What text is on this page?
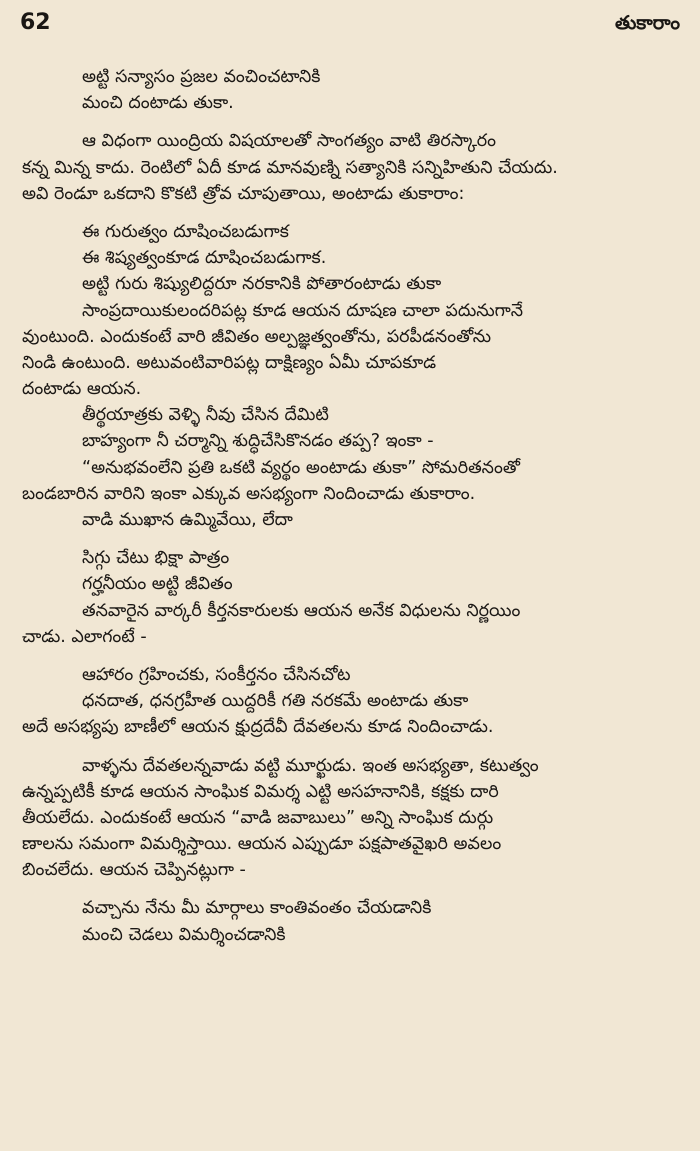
62	తుకారాం
అట్టి సన్యాసం ప్రజల వంచించటానికి
మంచి దంటాడు తుకా.
ఆ విధంగా యింద్రియ విషయాలతో సాంగత్యం వాటి తిరస్కారం
కన్న మిన్న కాదు. రెంటిలో ఏదీ కూడ మానవుణ్ని సత్యానికి సన్నిహితుని చేయదు.
అవి రెండూ ఒకదాని కొకటి త్రోవ చూపుతాయి, అంటాడు తుకారాం:
ఈ గురుత్వం దూషించబడుగాక
ఈ శిష్యత్వంకూడ దూషించబడుగాక.
అట్టి గురు శిష్యులిద్దరూ నరకానికి పోతారంటాడు తుకా
సాంప్రదాయికులందరిపట్ల కూడ ఆయన దూషణ చాలా పదునుగానే
వుంటుంది. ఎందుకంటే వారి జీవితం అల్పజ్ఞత్వంతోను, పరపీడనంతోను
నిండి ఉంటుంది. అటువంటివారిపట్ల దాక్షిణ్యం ఏమీ చూపకూడ
దంటాడు ఆయన.
తీర్థయాత్రకు వెళ్ళి నీవు చేసిన దేమిటి
బాహ్యంగా నీ చర్మాన్ని శుద్ధిచేసికొనడం తప్ప? ఇంకా -
“అనుభవంలేని ప్రతి ఒకటి వ్యర్థం అంటాడు తుకా” సోమరితనంతో
బండబారిన వారిని ఇంకా ఎక్కువ అసభ్యంగా నిందించాడు తుకారాం.
వాడి ముఖాన ఉమ్మివేయి, లేదా
సిగ్గు చేటు భిక్షా పాత్రం
గర్హనీయం అట్టి జీవితం
తనవారైన వార్కరీ కీర్తనకారులకు ఆయన అనేక విధులను నిర్ణయిం
చాడు. ఎలాగంటే -
ఆహారం గ్రహించకు, సంకీర్తనం చేసినచోట
ధనదాత, ధనగ్రహీత యిద్దరికీ గతి నరకమే అంటాడు తుకా
అదే అసభ్యపు బాణీలో ఆయన క్షుద్రదేవీ దేవతలను కూడ నిందించాడు.
వాళ్ళను దేవతలన్నవాడు వట్టి మూర్ఖుడు. ఇంత అసభ్యతా, కటుత్వం
ఉన్నప్పటికీ కూడ ఆయన సాంఘిక విమర్శ ఎట్టి అసహనానికి, కక్షకు దారి
తీయలేదు. ఎందుకంటే ఆయన “వాడి జవాబులు” అన్ని సాంఘిక దుర్గు
ణాలను సమంగా విమర్శిస్తాయి. ఆయన ఎప్పుడూ పక్షపాతవైఖరి అవలం
బించలేదు. ఆయన చెప్పినట్లుగా -
వచ్చాను నేను మీ మార్గాలు కాంతివంతం చేయడానికి
మంచి చెడలు విమర్శించడానికి
